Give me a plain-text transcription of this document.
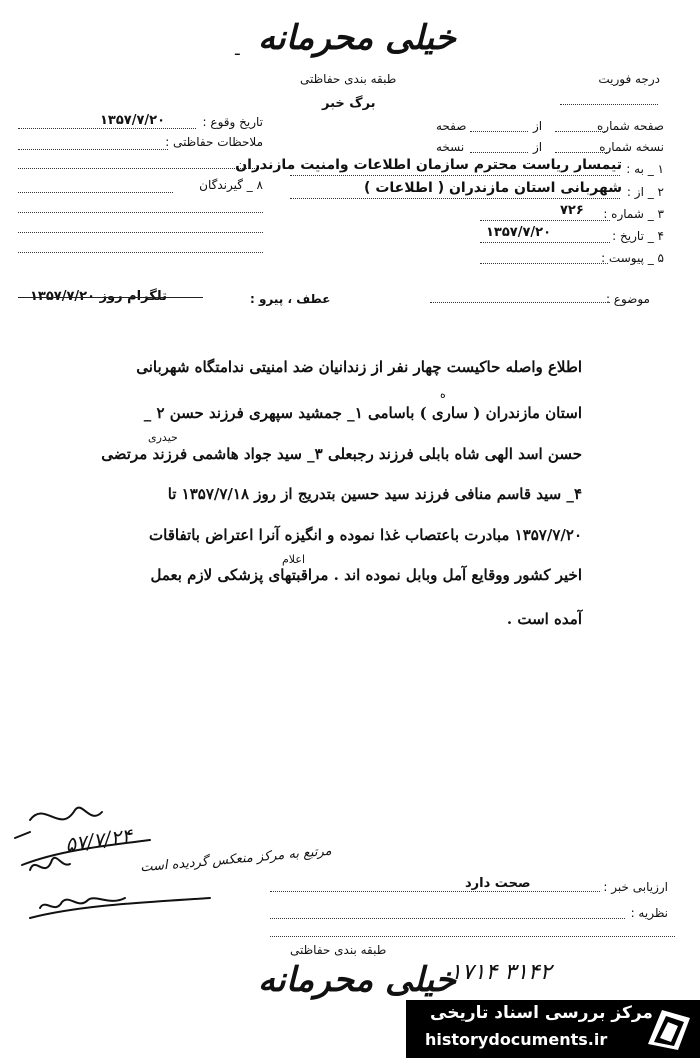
خیلی محرمانه
طبقه بندی حفاظتی
برگ خبر
ـ
تاریخ وقوع :
۱۳۵۷/۷/۲۰
ملاحظات حفاظتی :
۸ _ گیرندگان
درجه فوریت
صفحه شماره
از
صفحه
نسخه شماره
از
نسخه
۱ _ به :
تیمسار ریاست محترم سازمان اطلاعات وامنیت مازندران
۲ _ از :
شهربانی استان مازندران ( اطلاعات )
۳ _ شماره :
۷۲۶
۴ _ تاریخ :
۱۳۵۷/۷/۲۰
۵ _ پیوست :
موضوع :
عطف ، پیرو :
تلگرام روز ۱۳۵۷/۷/۲۰
اطلاع واصله حاکیست چهار نفر از زندانیان ضد امنیتی ندامتگاه شهربانی
استان مازندران ( ساری ) باسامی ۱_ جمشید سپهری فرزند حسن ۲ _
حسن اسد الهی شاه بابلی فرزند رجبعلی ۳_ سید جواد هاشمی فرزند مرتضی
۴_ سید قاسم منافی فرزند سید حسین بتدریج از روز ۱۳۵۷/۷/۱۸ تا
۱۳۵۷/۷/۲۰ مبادرت باعتصاب غذا نموده و انگیزه آنرا اعتراض باتفاقات
اخیر کشور ووقایع آمل وبابل نموده اند . مراقبتهای پزشکی لازم بعمل
آمده است .
ه
حیدری
اعلام
مرتبع به مرکز منعکس گردیده است
۵۷/۷/۲۴
ارزیابی خبر :
صحت دارد
نظریه :
طبقه بندی حفاظتی
خیلی محرمانه
۳۱۴۲ ۱۷۱۴
مرکز بررسی اسناد تاریخی
historydocuments.ir
